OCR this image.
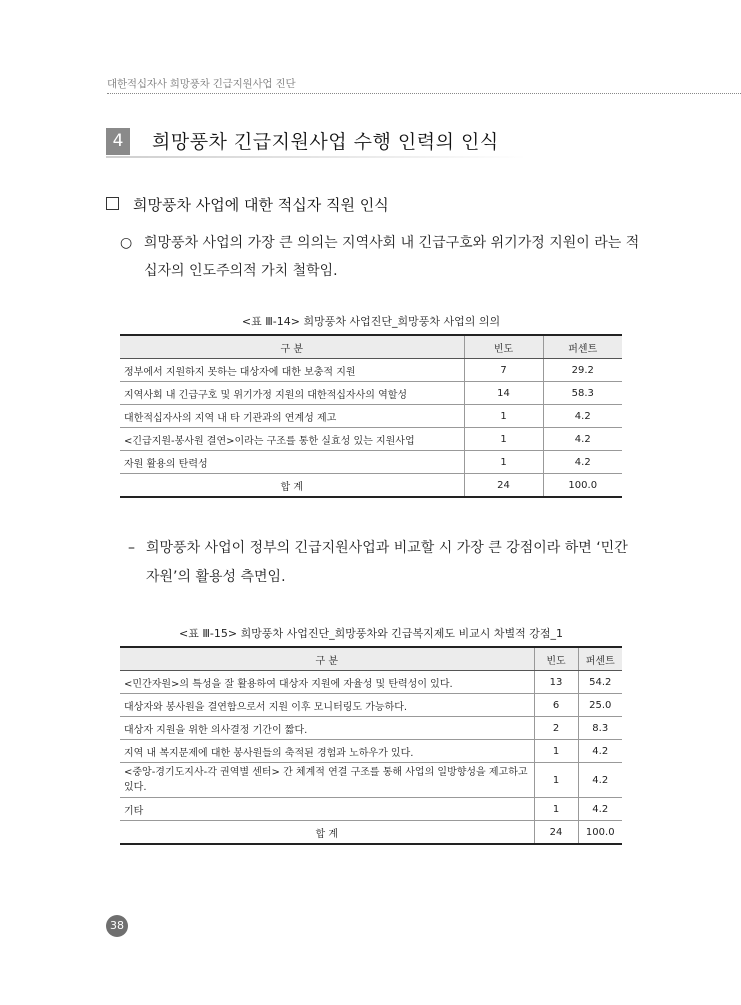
대한적십자사 희망풍차 긴급지원사업 진단
4	희망풍차 긴급지원사업 수행 인력의 인식
희망풍차 사업에 대한 적십자 직원 인식
○ 희망풍차 사업의 가장 큰 의의는 지역사회 내 긴급구호와 위기가정 지원이 라는 적십자의 인도주의적 가치 철학임.
<표 Ⅲ-14> 희망풍차 사업진단_희망풍차 사업의 의의
구 분	빈도	퍼센트
정부에서 지원하지 못하는 대상자에 대한 보충적 지원	7	29.2
지역사회 내 긴급구호 및 위기가정 지원의 대한적십자사의 역할성	14	58.3
대한적십자사의 지역 내 타 기관과의 연계성 제고	1	4.2
<긴급지원-봉사원 결연>이라는 구조를 통한 실효성 있는 지원사업	1	4.2
자원 활용의 탄력성	1	4.2
합 계	24	100.0
– 희망풍차 사업이 정부의 긴급지원사업과 비교할 시 가장 큰 강점이라 하면 ‘민간자원’의 활용성 측면임.
<표 Ⅲ-15> 희망풍차 사업진단_희망풍차와 긴급복지제도 비교시 차별적 강점_1
구 분	빈도	퍼센트
<민간자원>의 특성을 잘 활용하여 대상자 지원에 자율성 및 탄력성이 있다.	13	54.2
대상자와 봉사원을 결연함으로서 지원 이후 모니터링도 가능하다.	6	25.0
대상자 지원을 위한 의사결정 기간이 짧다.	2	8.3
지역 내 복지문제에 대한 봉사원들의 축적된 경험과 노하우가 있다.	1	4.2
<중앙-경기도지사-각 권역별 센터> 간 체계적 연결 구조를 통해 사업의 일방향성을 제고하고 있다.	1	4.2
기타	1	4.2
합 계	24	100.0
38
